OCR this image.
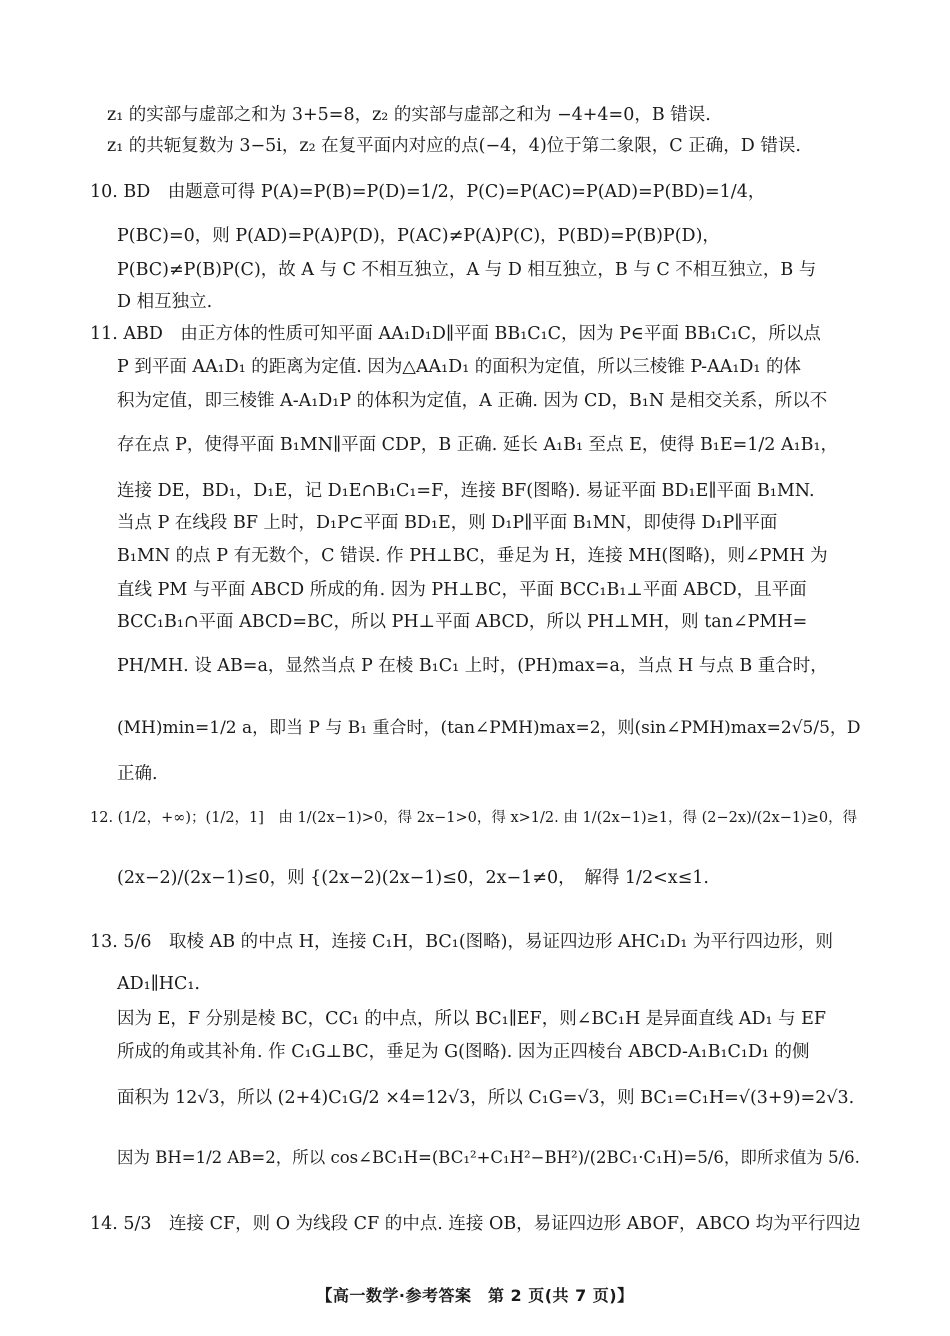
z₁ 的实部与虚部之和为 3+5=8，z₂ 的实部与虚部之和为 −4+4=0，B 错误.
z₁ 的共轭复数为 3−5i，z₂ 在复平面内对应的点(−4，4)位于第二象限，C 正确，D 错误.
10. BD　由题意可得 P(A)=P(B)=P(D)=1/2，P(C)=P(AC)=P(AD)=P(BD)=1/4，
P(BC)=0，则 P(AD)=P(A)P(D)，P(AC)≠P(A)P(C)，P(BD)=P(B)P(D)，
P(BC)≠P(B)P(C)，故 A 与 C 不相互独立，A 与 D 相互独立，B 与 C 不相互独立，B 与
D 相互独立.
11. ABD　由正方体的性质可知平面 AA₁D₁D∥平面 BB₁C₁C，因为 P∈平面 BB₁C₁C，所以点
P 到平面 AA₁D₁ 的距离为定值. 因为△AA₁D₁ 的面积为定值，所以三棱锥 P-AA₁D₁ 的体
积为定值，即三棱锥 A-A₁D₁P 的体积为定值，A 正确. 因为 CD，B₁N 是相交关系，所以不
存在点 P，使得平面 B₁MN∥平面 CDP，B 正确. 延长 A₁B₁ 至点 E，使得 B₁E=1/2 A₁B₁，
连接 DE，BD₁，D₁E，记 D₁E∩B₁C₁=F，连接 BF(图略). 易证平面 BD₁E∥平面 B₁MN.
当点 P 在线段 BF 上时，D₁P⊂平面 BD₁E，则 D₁P∥平面 B₁MN，即使得 D₁P∥平面
B₁MN 的点 P 有无数个，C 错误. 作 PH⊥BC，垂足为 H，连接 MH(图略)，则∠PMH 为
直线 PM 与平面 ABCD 所成的角. 因为 PH⊥BC，平面 BCC₁B₁⊥平面 ABCD，且平面
BCC₁B₁∩平面 ABCD=BC，所以 PH⊥平面 ABCD，所以 PH⊥MH，则 tan∠PMH=
PH/MH. 设 AB=a，显然当点 P 在棱 B₁C₁ 上时，(PH)max=a，当点 H 与点 B 重合时，
(MH)min=1/2 a，即当 P 与 B₁ 重合时，(tan∠PMH)max=2，则(sin∠PMH)max=2√5/5，D
正确.
12. (1/2，+∞)；(1/2，1]　由 1/(2x−1)>0，得 2x−1>0，得 x>1/2. 由 1/(2x−1)≥1，得 (2−2x)/(2x−1)≥0，得
(2x−2)/(2x−1)≤0，则 {(2x−2)(2x−1)≤0，2x−1≠0，　解得 1/2<x≤1.
13. 5/6　取棱 AB 的中点 H，连接 C₁H，BC₁(图略)，易证四边形 AHC₁D₁ 为平行四边形，则
AD₁∥HC₁.
因为 E，F 分别是棱 BC，CC₁ 的中点，所以 BC₁∥EF，则∠BC₁H 是异面直线 AD₁ 与 EF
所成的角或其补角. 作 C₁G⊥BC，垂足为 G(图略). 因为正四棱台 ABCD-A₁B₁C₁D₁ 的侧
面积为 12√3，所以 (2+4)C₁G/2 ×4=12√3，所以 C₁G=√3，则 BC₁=C₁H=√(3+9)=2√3.
因为 BH=1/2 AB=2，所以 cos∠BC₁H=(BC₁²+C₁H²−BH²)/(2BC₁·C₁H)=5/6，即所求值为 5/6.
14. 5/3　连接 CF，则 O 为线段 CF 的中点. 连接 OB，易证四边形 ABOF，ABCO 均为平行四边
【高一数学·参考答案　第 2 页(共 7 页)】
